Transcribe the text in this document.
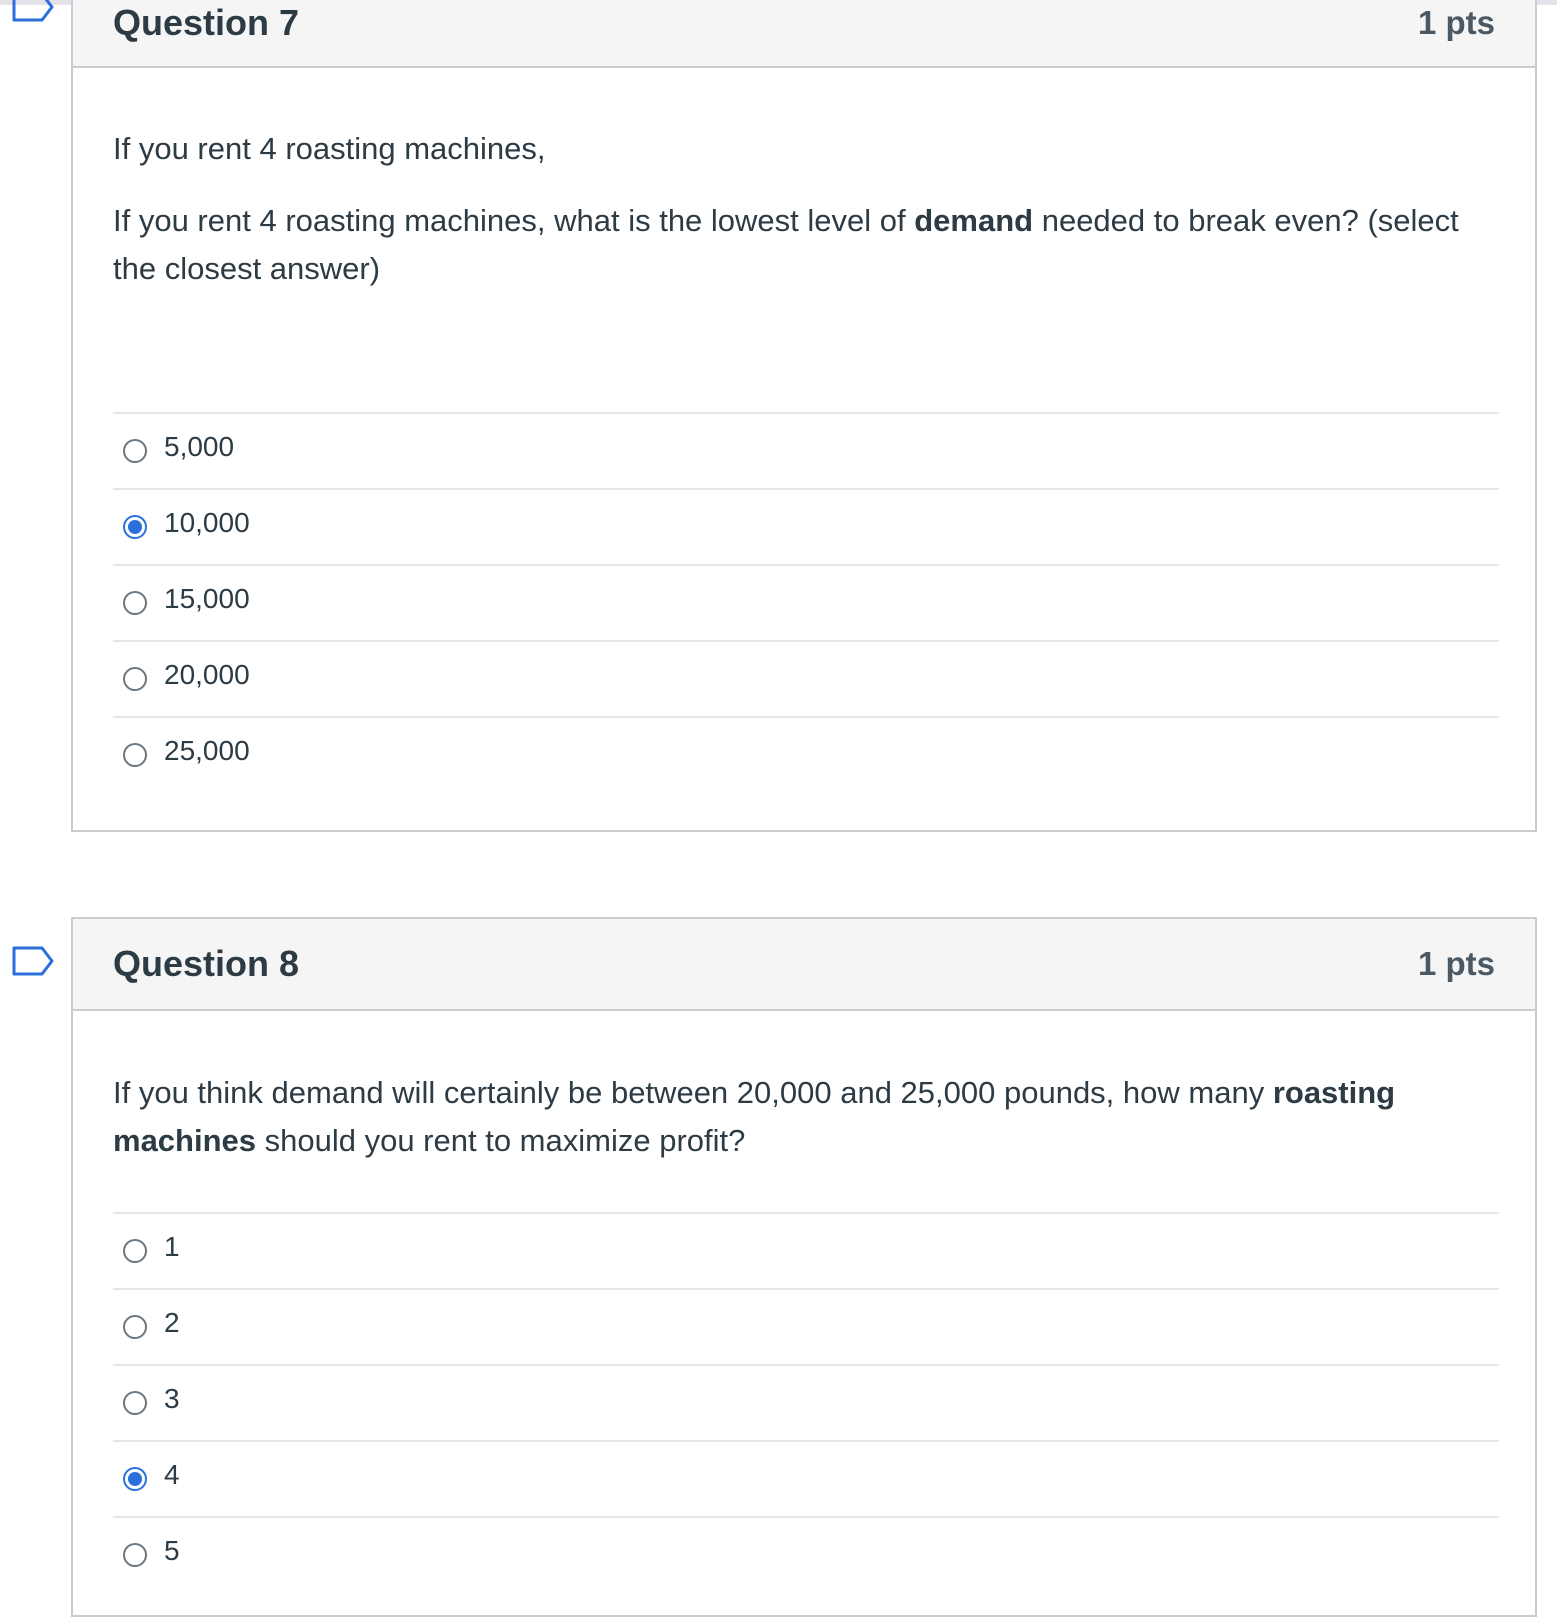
Question 7	1 pts
If you rent 4 roasting machines,
If you rent 4 roasting machines, what is the lowest level of demand needed to break even? (select the closest answer)
5,000
10,000
15,000
20,000
25,000
Question 8	1 pts
If you think demand will certainly be between 20,000 and 25,000 pounds, how many roasting machines should you rent to maximize profit?
1
2
3
4
5
